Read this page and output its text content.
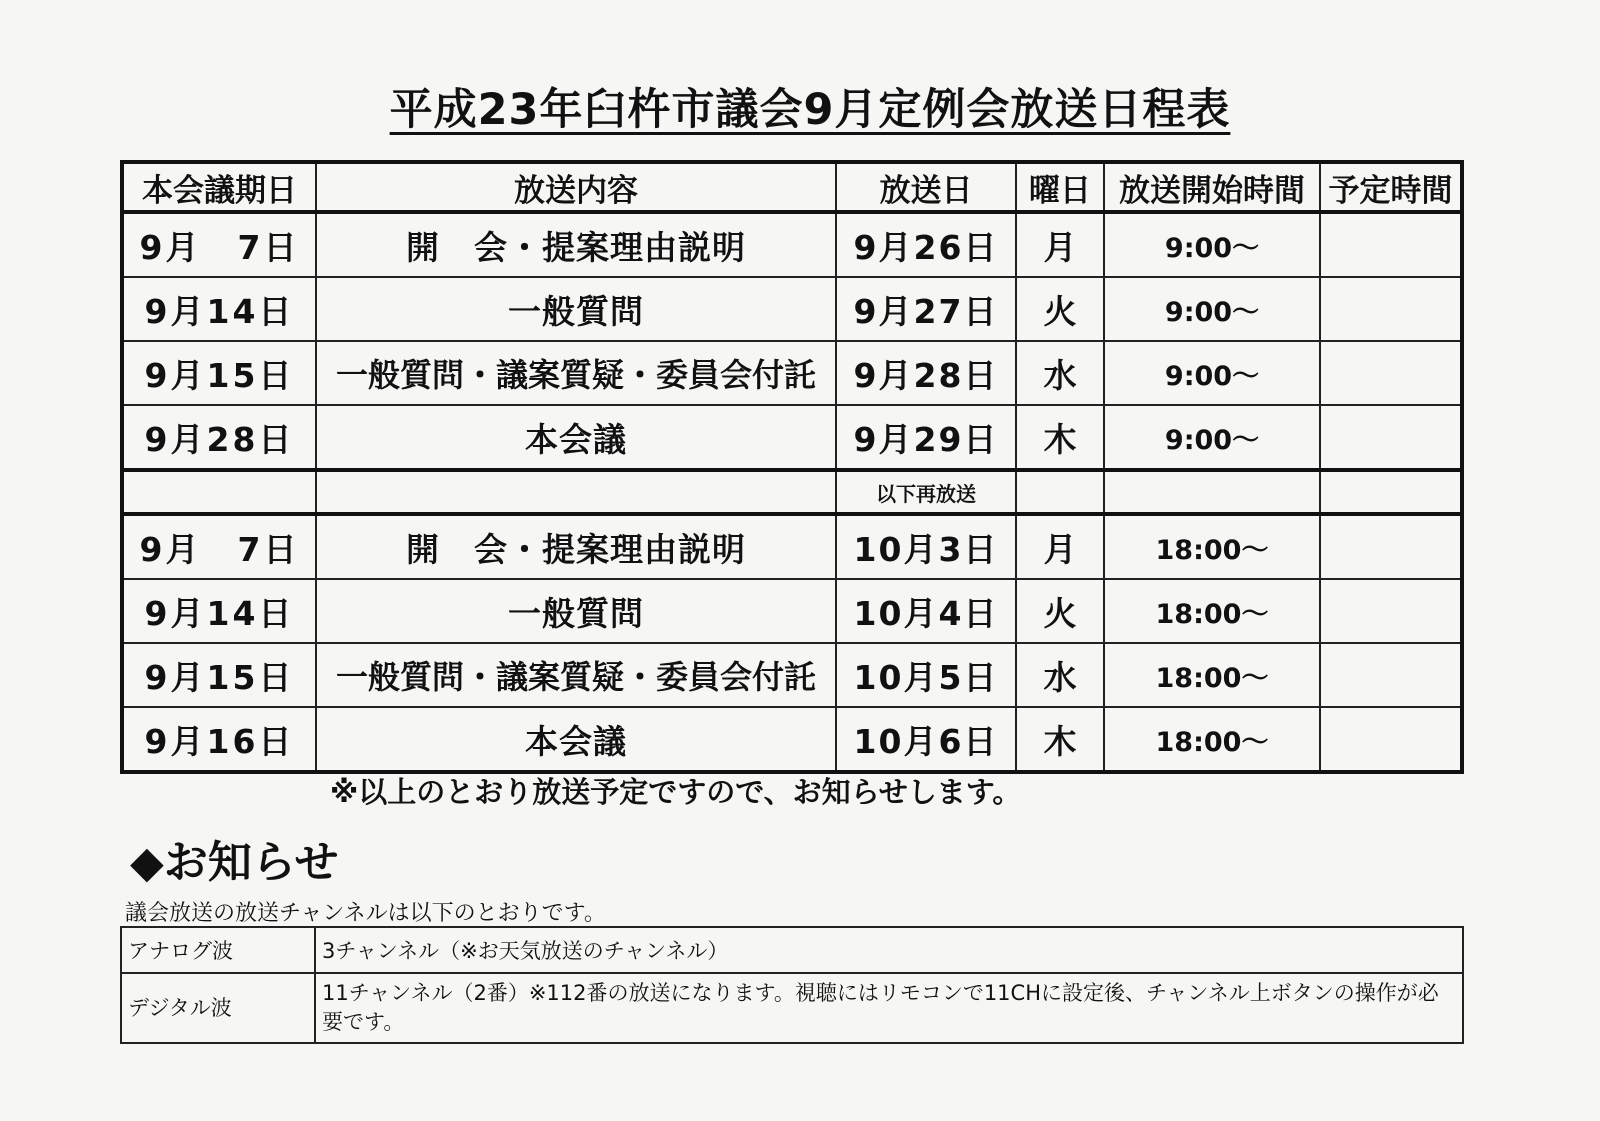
平成23年臼杵市議会9月定例会放送日程表
本会議期日	放送内容	放送日	曜日	放送開始時間	予定時間
9月　7日	開　会・提案理由説明	9月26日	月	9:00～	
9月14日	一般質問	9月27日	火	9:00～	
9月15日	一般質問・議案質疑・委員会付託	9月28日	水	9:00～	
9月28日	本会議	9月29日	木	9:00～	
		以下再放送			
9月　7日	開　会・提案理由説明	10月3日	月	18:00～	
9月14日	一般質問	10月4日	火	18:00～	
9月15日	一般質問・議案質疑・委員会付託	10月5日	水	18:00～	
9月16日	本会議	10月6日	木	18:00～	

※以上のとおり放送予定ですので、お知らせします。

◆お知らせ

議会放送の放送チャンネルは以下のとおりです。

アナログ波	3チャンネル（※お天気放送のチャンネル）
デジタル波	11チャンネル（2番）※112番の放送になります。視聴にはリモコンで11CHに設定後、チャンネル上ボタンの操作が必要です。
